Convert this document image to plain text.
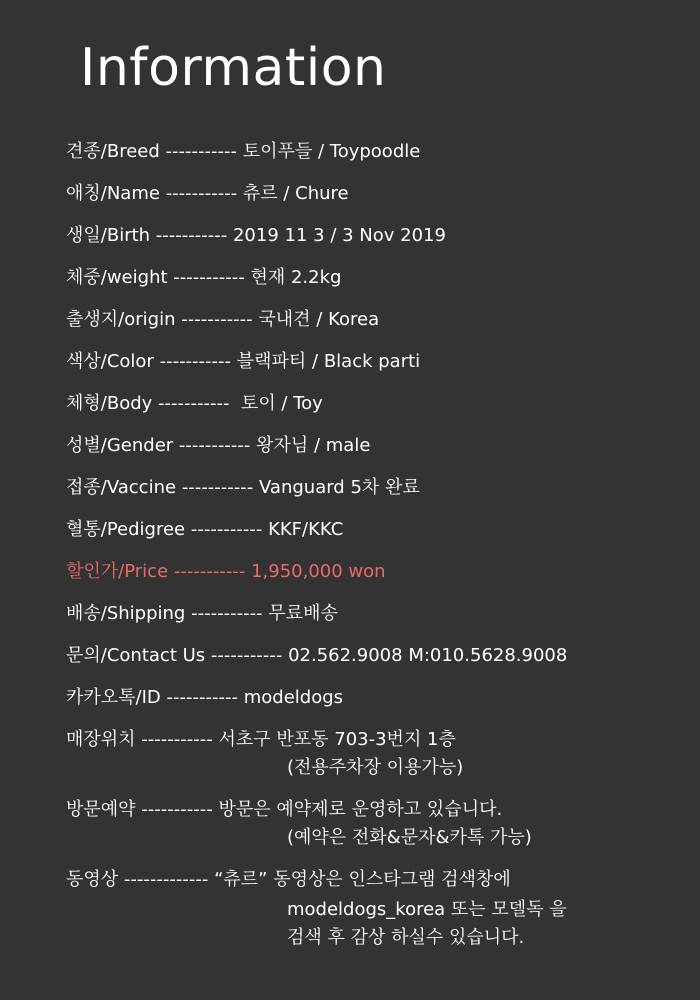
Information
견종/Breed ----------- 토이푸들 / Toypoodle
애칭/Name ----------- 츄르 / Chure
생일/Birth ----------- 2019 11 3 / 3 Nov 2019
체중/weight ----------- 현재 2.2kg
출생지/origin ----------- 국내견 / Korea
색상/Color ----------- 블랙파티 / Black parti
체형/Body -----------  토이 / Toy
성별/Gender ----------- 왕자님 / male
접종/Vaccine ----------- Vanguard 5차 완료
혈통/Pedigree ----------- KKF/KKC
할인가/Price ----------- 1,950,000 won
배송/Shipping ----------- 무료배송
문의/Contact Us ----------- 02.562.9008 M:010.5628.9008
카카오톡/ID ----------- modeldogs
매장위치 ----------- 서초구 반포동 703-3번지 1층
(전용주차장 이용가능)
방문예약 ----------- 방문은 예약제로 운영하고 있습니다.
(예약은 전화&문자&카톡 가능)
동영상 ------------- “츄르” 동영상은 인스타그램 검색창에
modeldogs_korea 또는 모델독 을
검색 후 감상 하실수 있습니다.
